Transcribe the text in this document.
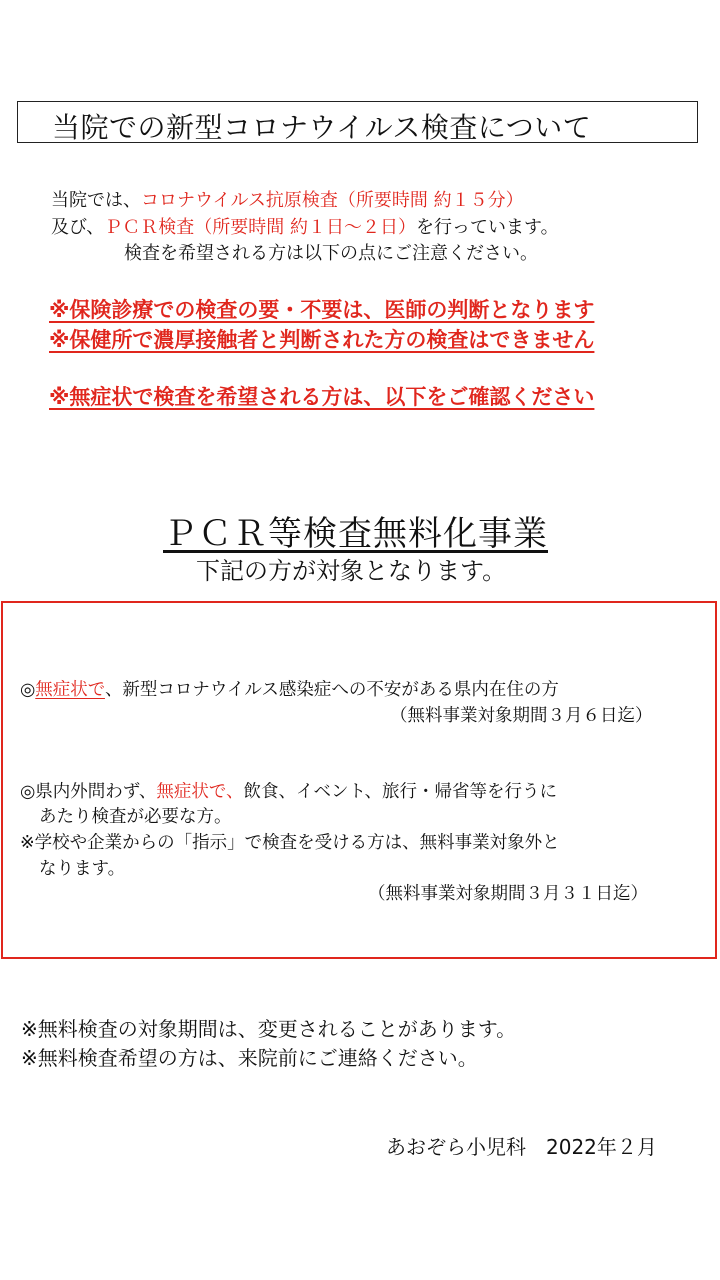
当院での新型コロナウイルス検査について
当院では、コロナウイルス抗原検査（所要時間 約１５分）
及び、ＰＣＲ検査（所要時間 約１日～２日）を行っています。
検査を希望される方は以下の点にご注意ください。
※保険診療での検査の要・不要は、医師の判断となります
※保健所で濃厚接触者と判断された方の検査はできません
※無症状で検査を希望される方は、以下をご確認ください
ＰＣＲ等検査無料化事業
下記の方が対象となります。
◎無症状で、新型コロナウイルス感染症への不安がある県内在住の方
（無料事業対象期間３月６日迄）
◎県内外問わず、無症状で、飲食、イベント、旅行・帰省等を行うに
あたり検査が必要な方。
※学校や企業からの「指示」で検査を受ける方は、無料事業対象外と
なります。
（無料事業対象期間３月３１日迄）
※無料検査の対象期間は、変更されることがあります。
※無料検査希望の方は、来院前にご連絡ください。
あおぞら小児科　2022年２月
